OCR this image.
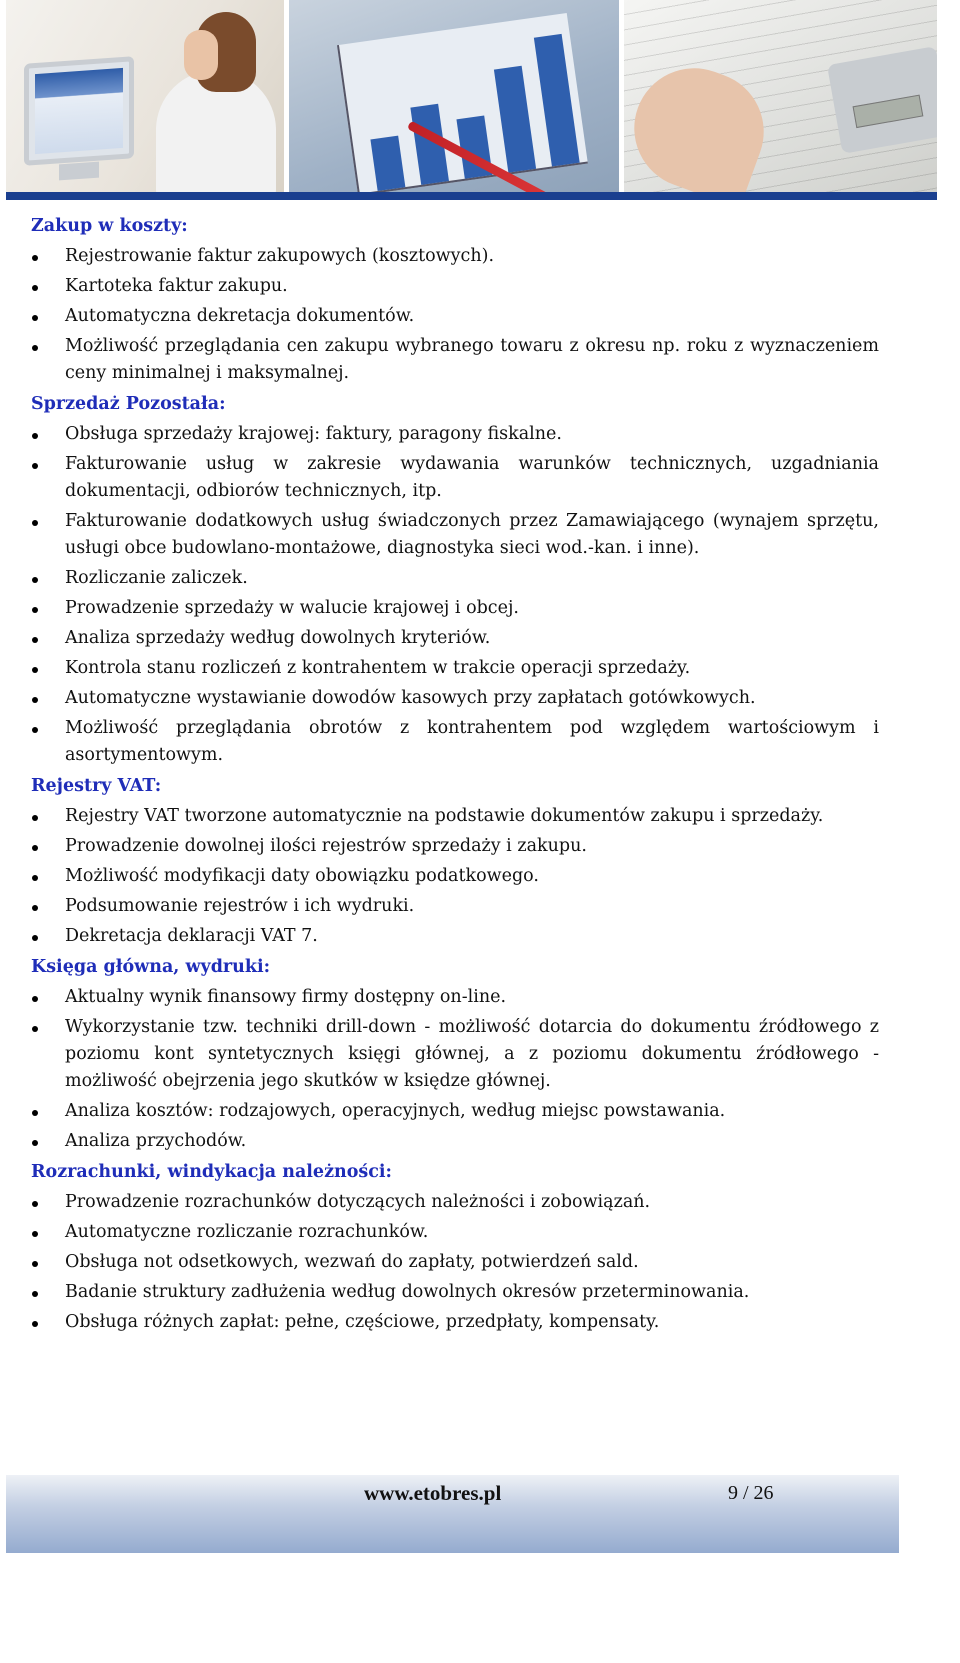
Zakup w koszty:
Rejestrowanie faktur zakupowych (kosztowych).
Kartoteka faktur zakupu.
Automatyczna dekretacja dokumentów.
Możliwość przeglądania cen zakupu wybranego towaru z okresu np. roku z wyznaczeniem ceny minimalnej i maksymalnej.
Sprzedaż Pozostała:
Obsługa sprzedaży krajowej: faktury, paragony fiskalne.
Fakturowanie usług w zakresie wydawania warunków technicznych, uzgadniania dokumentacji, odbiorów technicznych, itp.
Fakturowanie dodatkowych usług świadczonych przez Zamawiającego (wynajem sprzętu, usługi obce budowlano-montażowe, diagnostyka sieci wod.-kan. i inne).
Rozliczanie zaliczek.
Prowadzenie sprzedaży w walucie krajowej i obcej.
Analiza sprzedaży według dowolnych kryteriów.
Kontrola stanu rozliczeń z kontrahentem w trakcie operacji sprzedaży.
Automatyczne wystawianie dowodów kasowych przy zapłatach gotówkowych.
Możliwość przeglądania obrotów z kontrahentem pod względem wartościowym i asortymentowym.
Rejestry VAT:
Rejestry VAT tworzone automatycznie na podstawie dokumentów zakupu i sprzedaży.
Prowadzenie dowolnej ilości rejestrów sprzedaży i zakupu.
Możliwość modyfikacji daty obowiązku podatkowego.
Podsumowanie rejestrów i ich wydruki.
Dekretacja deklaracji VAT 7.
Księga główna, wydruki:
Aktualny wynik finansowy firmy dostępny on-line.
Wykorzystanie tzw. techniki drill-down - możliwość dotarcia do dokumentu źródłowego z poziomu kont syntetycznych księgi głównej, a z poziomu dokumentu źródłowego - możliwość obejrzenia jego skutków w księdze głównej.
Analiza kosztów: rodzajowych, operacyjnych, według miejsc powstawania.
Analiza przychodów.
Rozrachunki, windykacja należności:
Prowadzenie rozrachunków dotyczących należności i zobowiązań.
Automatyczne rozliczanie rozrachunków.
Obsługa not odsetkowych, wezwań do zapłaty, potwierdzeń sald.
Badanie struktury zadłużenia według dowolnych okresów przeterminowania.
Obsługa różnych zapłat: pełne, częściowe, przedpłaty, kompensaty.
www.etobres.pl	9 / 26
